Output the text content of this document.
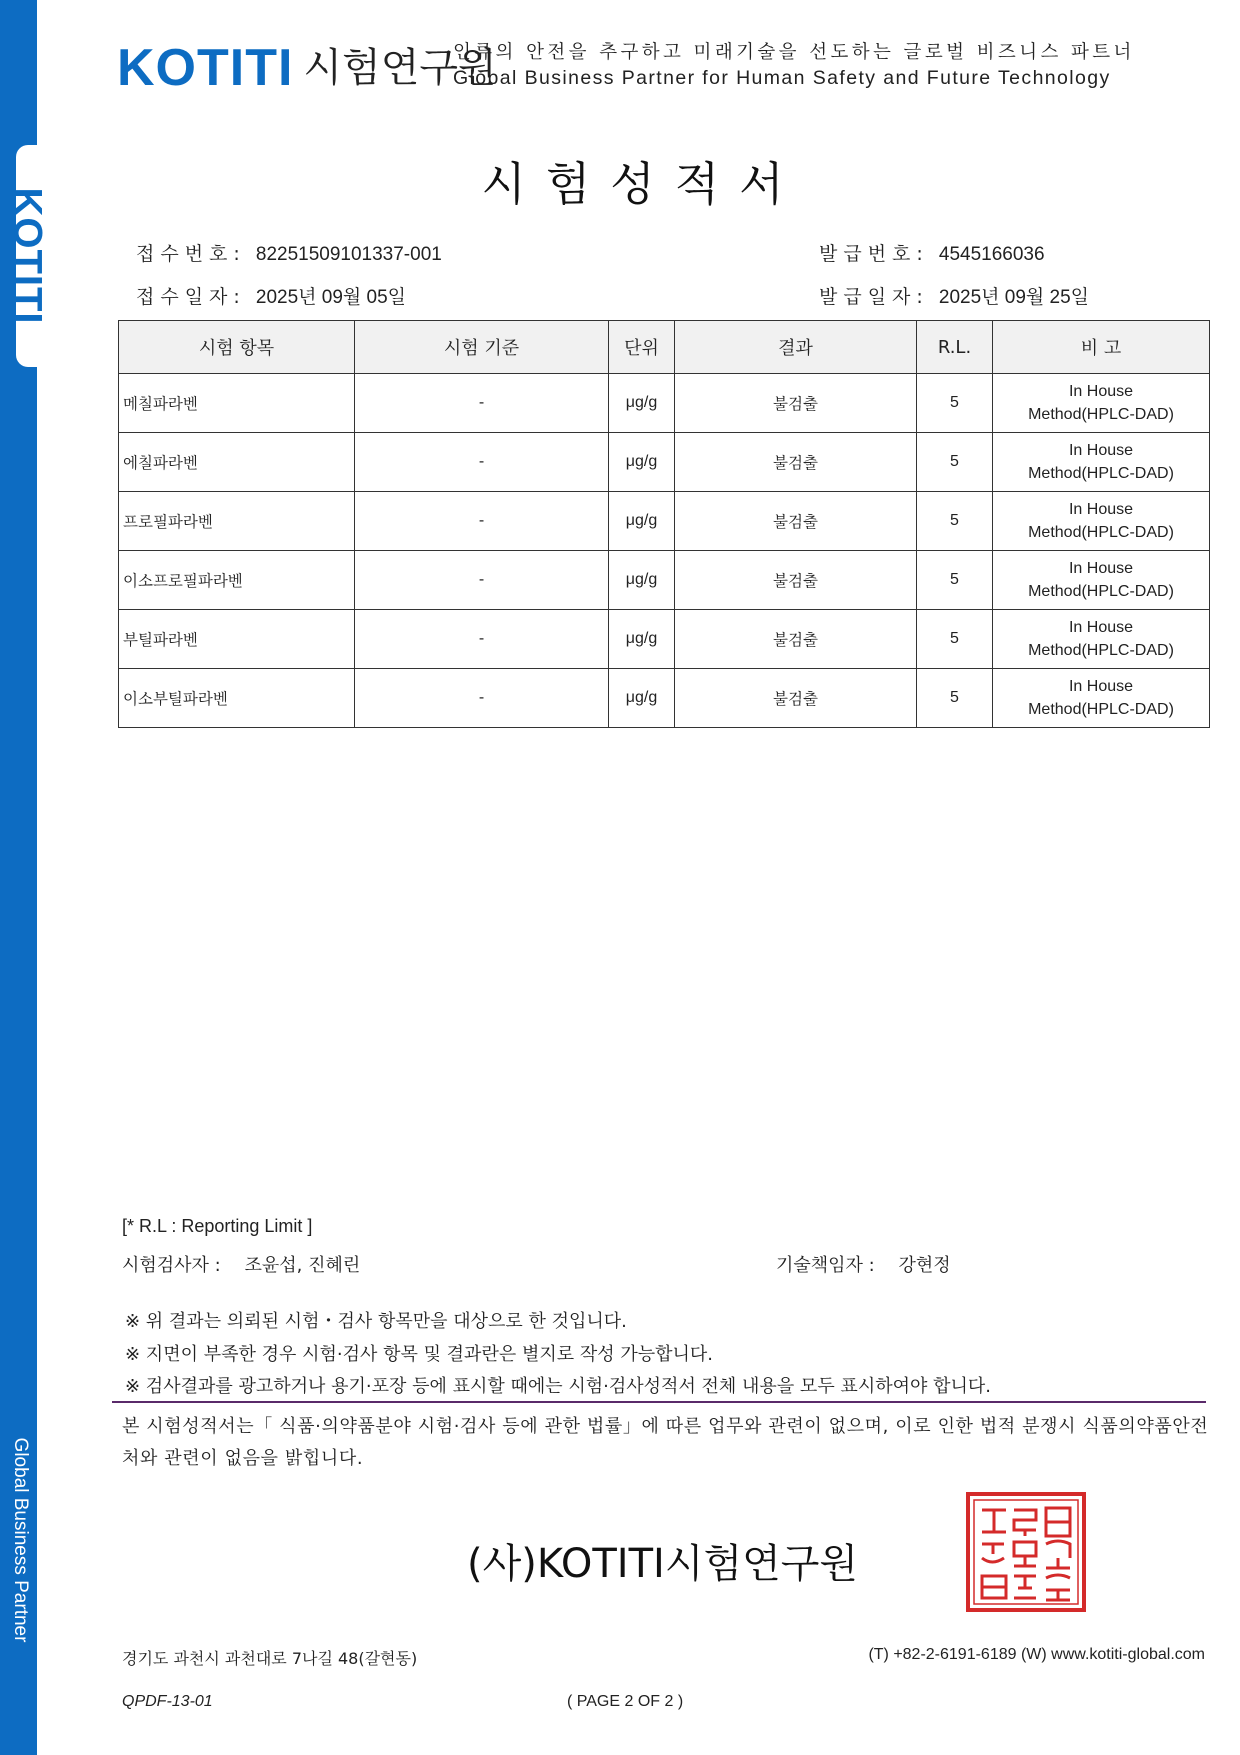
KOTITI
Global Business Partner
KOTITI 시험연구원
인류의 안전을 추구하고 미래기술을 선도하는 글로벌 비즈니스 파트너
Global Business Partner for Human Safety and Future Technology
시험성적서
접수번호: 82251509101337-001
접수일자: 2025년 09월 05일
발급번호: 4545166036
발급일자: 2025년 09월 25일
시험 항목	시험 기준	단위	결과	R.L.	비 고
메칠파라벤	-	μg/g	불검출	5	In House
Method(HPLC-DAD)

에칠파라벤	-	μg/g	불검출	5	In House
Method(HPLC-DAD)

프로필파라벤	-	μg/g	불검출	5	In House
Method(HPLC-DAD)

이소프로필파라벤	-	μg/g	불검출	5	In House
Method(HPLC-DAD)

부틸파라벤	-	μg/g	불검출	5	In House
Method(HPLC-DAD)

이소부틸파라벤	-	μg/g	불검출	5	In House
Method(HPLC-DAD)
[* R.L : Reporting Limit ]
시험검사자 : 조윤섭, 진혜린	기술책임자 : 강현정
※ 위 결과는 의뢰된 시험・검사 항목만을 대상으로 한 것입니다.
※ 지면이 부족한 경우 시험·검사 항목 및 결과란은 별지로 작성 가능합니다.
※ 검사결과를 광고하거나 용기·포장 등에 표시할 때에는 시험·검사성적서 전체 내용을 모두 표시하여야 합니다.
본 시험성적서는「 식품·의약품분야 시험·검사 등에 관한 법률」에 따른 업무와 관련이 없으며, 이로 인한 법적 분쟁시 식품의약품안전처와 관련이 없음을 밝힙니다.
(사)KOTITI시험연구원
경기도 과천시 과천대로 7나길 48(갈현동)	(T) +82-2-6191-6189 (W) www.kotiti-global.com
QPDF-13-01	( PAGE 2 OF 2 )
